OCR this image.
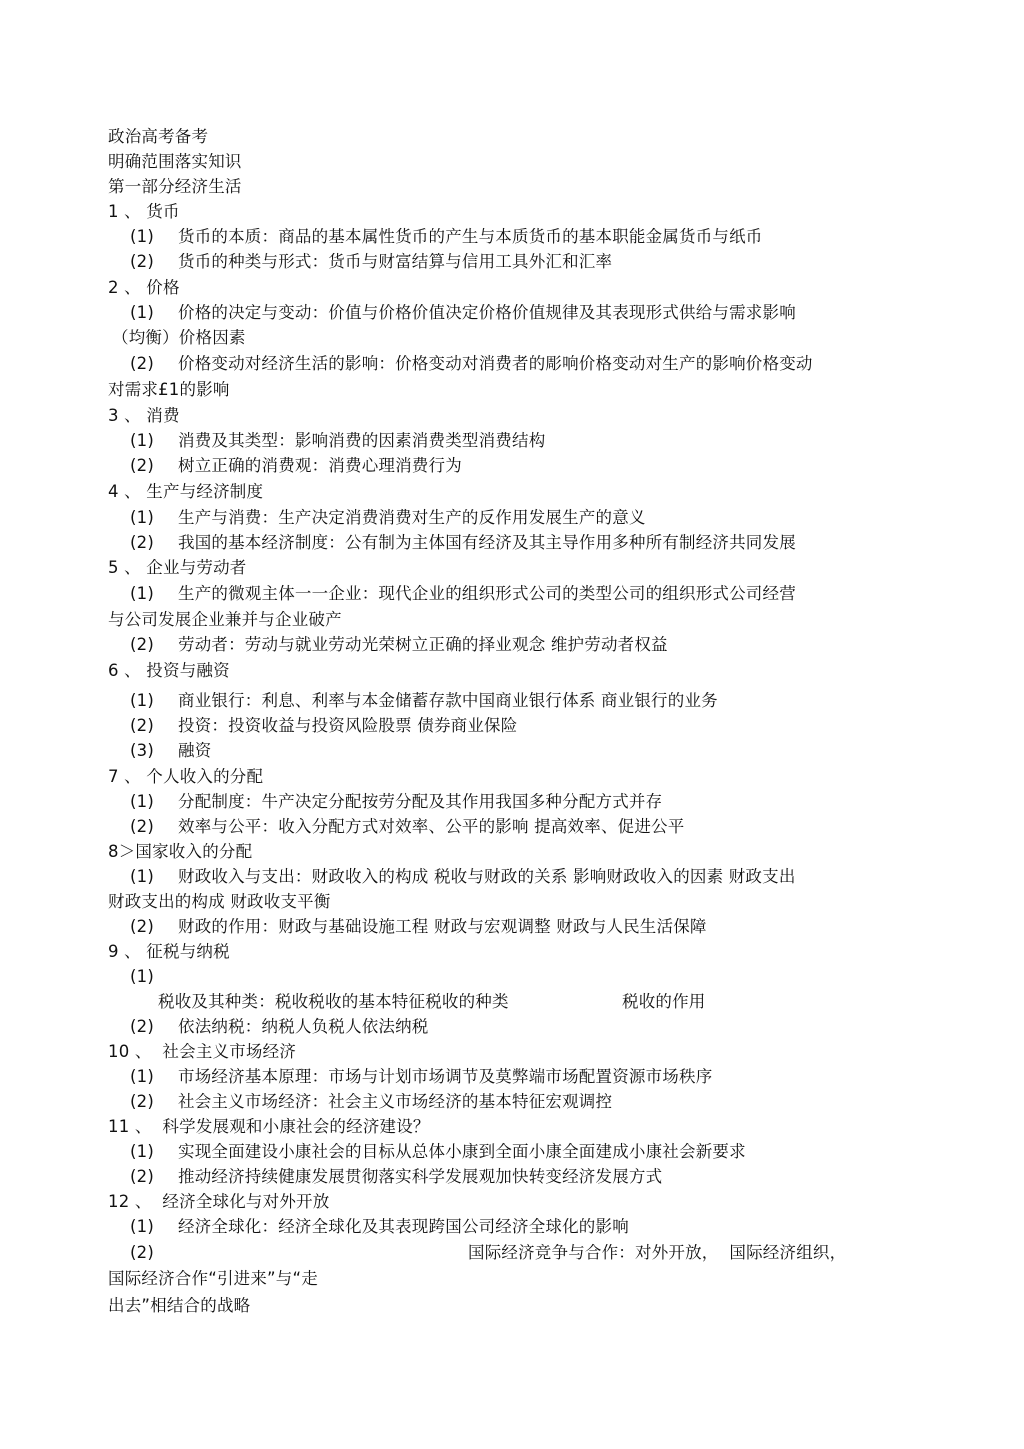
政治高考备考
明确范围落实知识
第一部分经济生活
1 、 货币
(1) 货币的本质：商品的基本属性货币的产生与本质货币的基本职能金属货币与纸币
(2) 货币的种类与形式：货币与财富结算与信用工具外汇和汇率
2 、 价格
(1) 价格的决定与变动：价值与价格价值决定价格价值规律及其表现形式供给与需求影响
（均衡）价格因素
(2) 价格变动对经济生活的影响：价格变动对消费者的彫响价格变动对生产的影响价格变动
对需求£1的影响
3 、 消费
(1) 消费及其类型：影响消费的因素消费类型消费结构
(2) 树立正确的消费观：消费心理消费行为
4 、 生产与经济制度
(1) 生产与消费：生产决定消费消费对生产的反作用发展生产的意义
(2) 我国的基本经济制度：公有制为主体国有经济及其主导作用多种所有制经济共同发展
5 、 企业与劳动者
(1) 生产的微观主体一一企业：现代企业的组织形式公司的类型公司的组织形式公司经营
与公司发展企业兼并与企业破产
(2) 劳动者：劳动与就业劳动光荣树立正确的择业观念 维护劳动者权益
6 、 投资与融资
(1) 商业银行：利息、利率与本金储蓄存款中国商业银行体系 商业银行的业务
(2) 投资：投资收益与投资风险股票 债券商业保险
(3) 融资
7 、 个人收入的分配
(1) 分配制度：牛产决定分配按劳分配及其作用我国多种分配方式并存
(2) 效率与公平：收入分配方式对效率、公平的影响 提高效率、促进公平
8＞国家收入的分配
(1) 财政收入与支出：财政收入的构成 税收与财政的关系 影响财政收入的因素 财政支出
财政支出的构成 财政收支平衡
(2) 财政的作用：财政与基础设施工程 财政与宏观调整 财政与人民生活保障
9 、 征税与纳税
(1)
税收及其种类：税收税收的基本特征税收的种类	税收的作用
(2) 依法纳税：纳税人负税人依法纳税
10 、  社会主义市场经济
(1) 市场经济基本原理：市场与计划市场调节及莫弊端市场配置资源市场秩序
(2) 社会主义市场经济：社会主义市场经济的基本特征宏观调控
11 、  科学发展观和小康社会的经济建设？
(1) 实现全面建设小康社会的目标从总体小康到全面小康全面建成小康社会新要求
(2) 推动经济持续健康发展贯彻落实科学发展观加快转变经济发展方式
12 、  经济全球化与对外开放
(1) 经济全球化：经济全球化及其表现跨国公司经济全球化的影响
(2)	国际经济竞争与合作：对外开放，  国际经济组织，
国际经济合作“引进来”与“走
出去”相结合的战略
